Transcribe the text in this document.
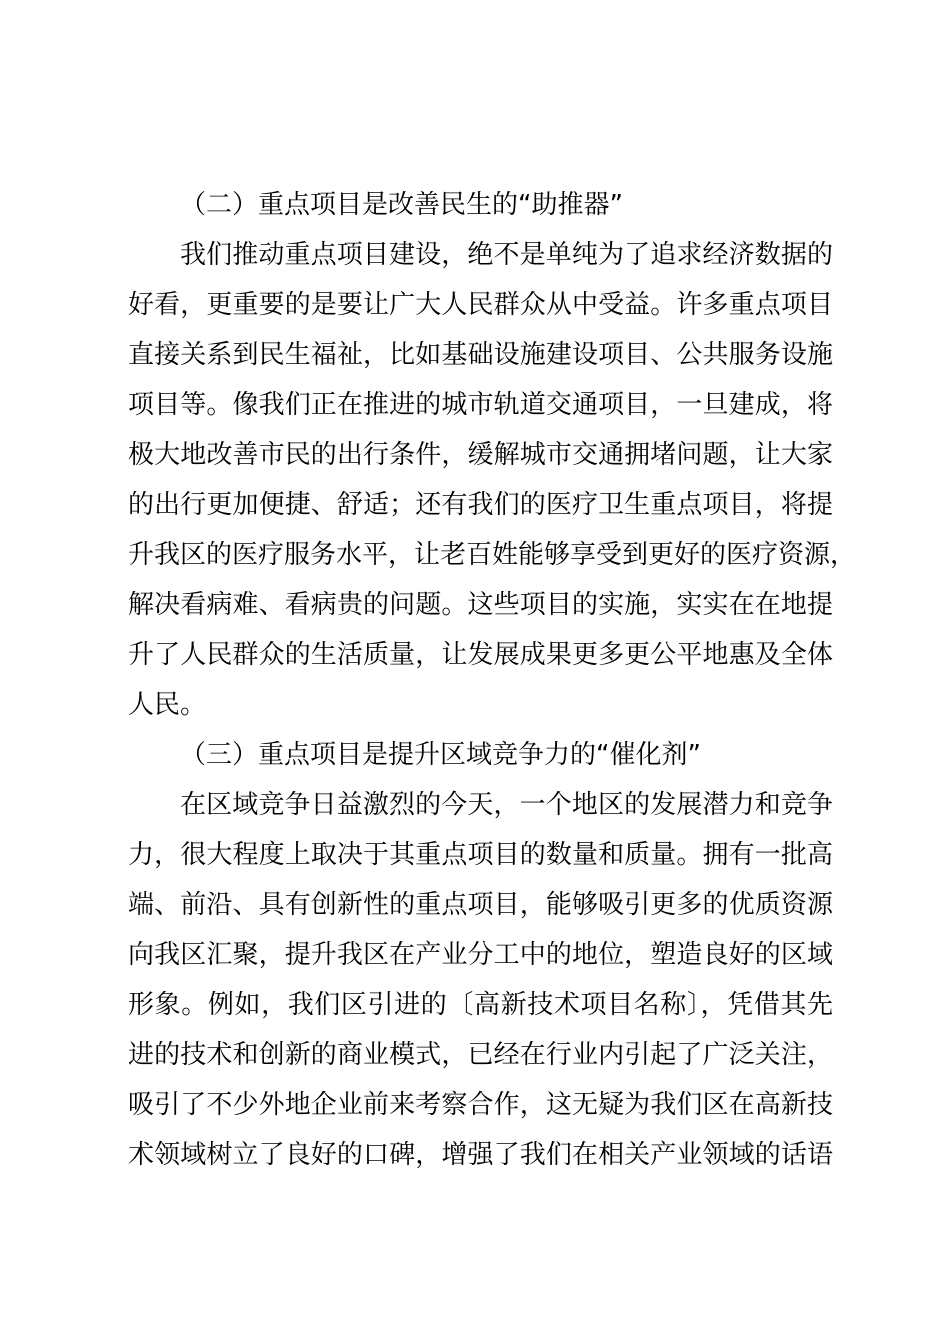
（二）重点项目是改善民生的“助推器”
我们推动重点项目建设，绝不是单纯为了追求经济数据的
好看，更重要的是要让广大人民群众从中受益。许多重点项目
直接关系到民生福祉，比如基础设施建设项目、公共服务设施
项目等。像我们正在推进的城市轨道交通项目，一旦建成，将
极大地改善市民的出行条件，缓解城市交通拥堵问题，让大家
的出行更加便捷、舒适；还有我们的医疗卫生重点项目，将提
升我区的医疗服务水平，让老百姓能够享受到更好的医疗资源，
解决看病难、看病贵的问题。这些项目的实施，实实在在地提
升了人民群众的生活质量，让发展成果更多更公平地惠及全体
人民。
（三）重点项目是提升区域竞争力的“催化剂”
在区域竞争日益激烈的今天，一个地区的发展潜力和竞争
力，很大程度上取决于其重点项目的数量和质量。拥有一批高
端、前沿、具有创新性的重点项目，能够吸引更多的优质资源
向我区汇聚，提升我区在产业分工中的地位，塑造良好的区域
形象。例如，我们区引进的〔高新技术项目名称〕，凭借其先
进的技术和创新的商业模式，已经在行业内引起了广泛关注，
吸引了不少外地企业前来考察合作，这无疑为我们区在高新技
术领域树立了良好的口碑，增强了我们在相关产业领域的话语
